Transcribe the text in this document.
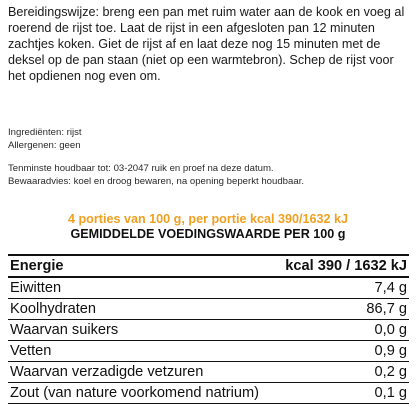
Bereidingswijze: breng een pan met ruim water aan de kook en voeg al roerend de rijst toe. Laat de rijst in een afgesloten pan 12 minuten zachtjes koken. Giet de rijst af en laat deze nog 15 minuten met de deksel op de pan staan (niet op een warmtebron). Schep de rijst voor het opdienen nog even om.

Ingrediënten: rijst

Allergenen: geen

Tenminste houdbaar tot: 03-2047 ruik en proef na deze datum.

Bewaaradvies: koel en droog bewaren, na opening beperkt houdbaar.

4 porties van 100 g, per portie kcal 390/1632 kJ
GEMIDDELDE VOEDINGSWAARDE PER 100 g
Energie	kcal 390 / 1632 kJ
Eiwitten	7,4 g
Koolhydraten	86,7 g
Waarvan suikers	0,0 g
Vetten	0,9 g
Waarvan verzadigde vetzuren	0,2 g
Zout (van nature voorkomend natrium)	0,1 g
